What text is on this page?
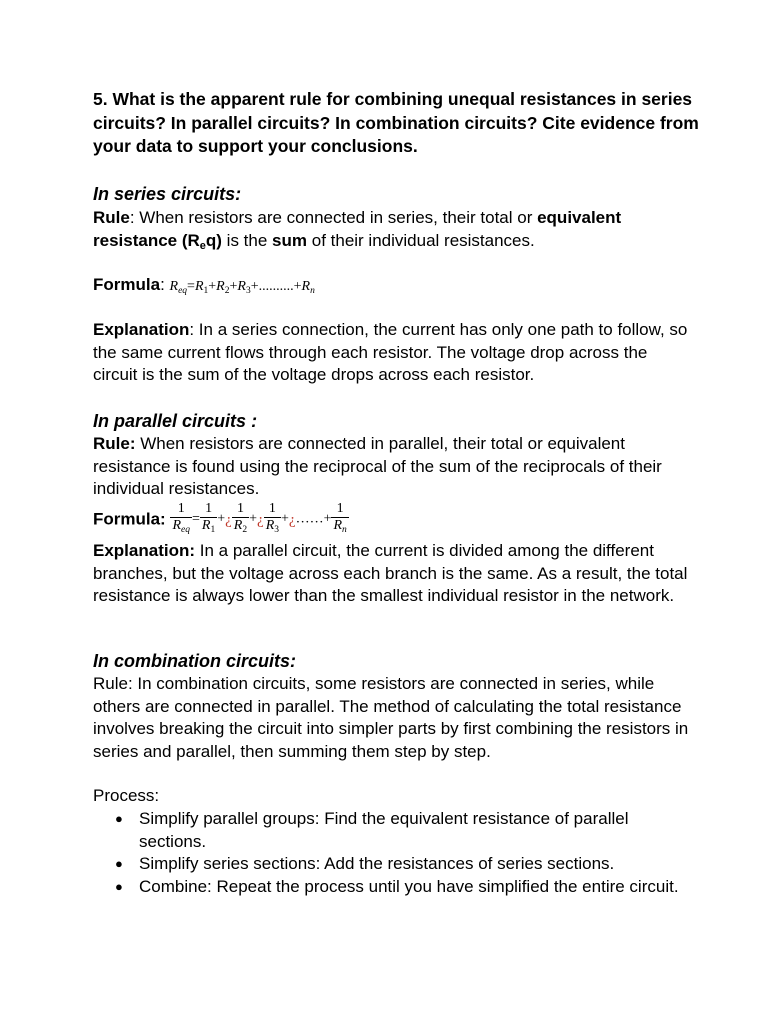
5. What is the apparent rule for combining unequal resistances in series circuits? In parallel circuits? In combination circuits? Cite evidence from your data to support your conclusions.
In series circuits:
Rule: When resistors are connected in series, their total or equivalent resistance $(R_eq)$ is the sum of their individual resistances.
Formula: $R_{eq}=R_1+R_2+R_3+..........+R_n$
Explanation: In a series connection, the current has only one path to follow, so the same current flows through each resistor. The voltage drop across the circuit is the sum of the voltage drops across each resistor.
In parallel circuits :
Rule: When resistors are connected in parallel, their total or equivalent resistance is found using the reciprocal of the sum of the reciprocals of their individual resistances.
Formula: $\frac{1}{R_{eq}} = \frac{1}{R_1}$ +¿ $\frac{1}{R_2}$ +¿ $\frac{1}{R_3}$ +¿……+ $\frac{1}{R_n}$
Explanation: In a parallel circuit, the current is divided among the different branches, but the voltage across each branch is the same. As a result, the total resistance is always lower than the smallest individual resistor in the network.
In combination circuits:
Rule: In combination circuits, some resistors are connected in series, while others are connected in parallel. The method of calculating the total resistance involves breaking the circuit into simpler parts by first combining the resistors in series and parallel, then summing them step by step.
Process:
● Simplify parallel groups: Find the equivalent resistance of parallel sections.
● Simplify series sections: Add the resistances of series sections.
● Combine: Repeat the process until you have simplified the entire circuit.
